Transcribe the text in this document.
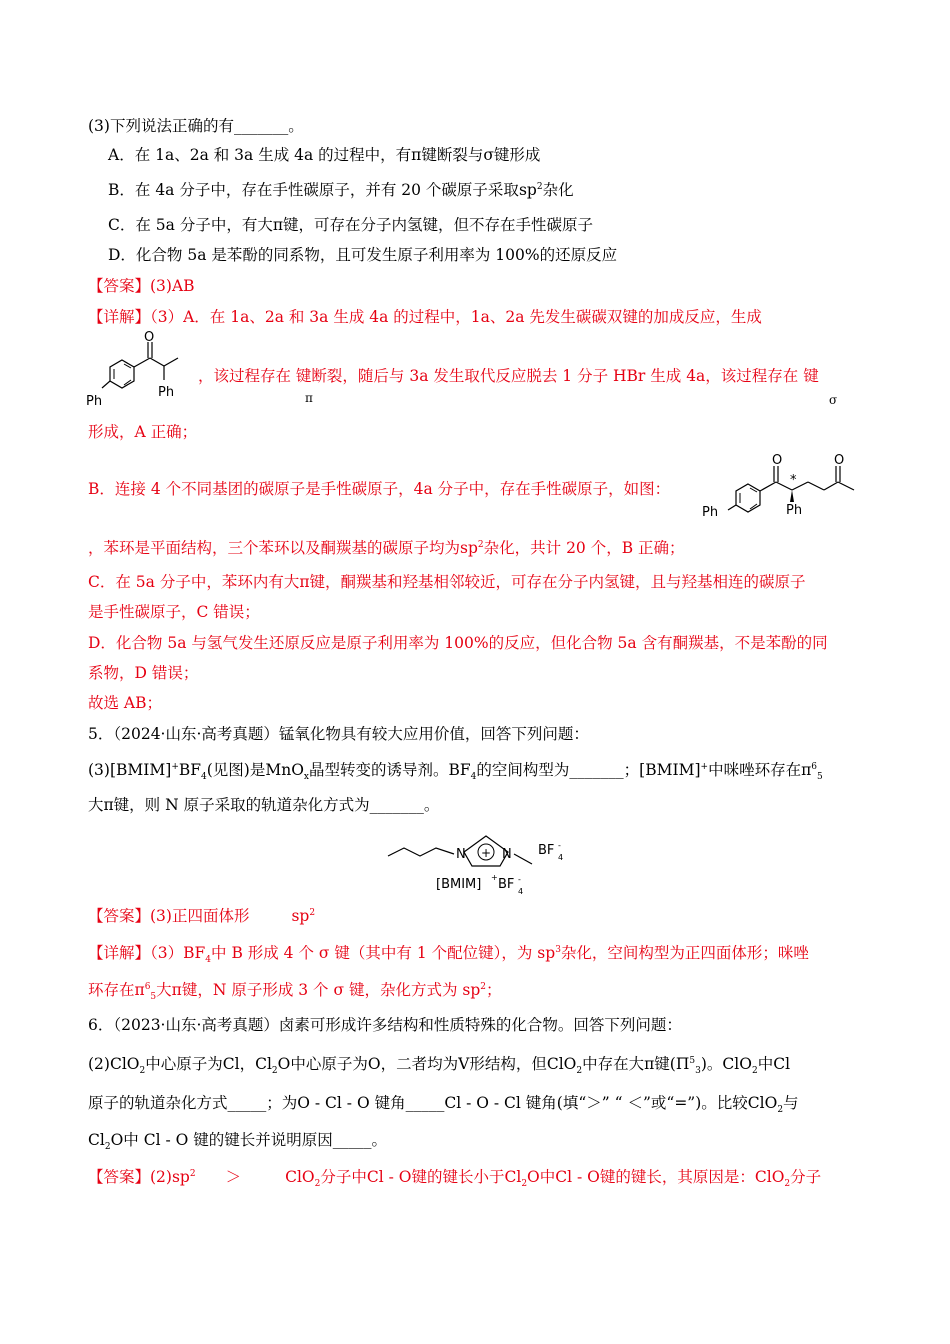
(3)下列说法正确的有_______。
A．在 1a、2a 和 3a 生成 4a 的过程中，有π键断裂与σ键形成
B．在 4a 分子中，存在手性碳原子，并有 20 个碳原子采取$sp^2$杂化
C．在 5a 分子中，有大π键，可存在分子内氢键，但不存在手性碳原子
D．化合物 5a 是苯酚的同系物，且可发生原子利用率为 100%的还原反应
【答案】(3)AB
【详解】（3）A．在 1a、2a 和 3a 生成 4a 的过程中，1a、2a 先发生碳碳双键的加成反应，生成
O
Ph
Ph
，该过程存在 键断裂，随后与 3a 发生取代反应脱去 1 分子 HBr 生成 4a，该过程存在 键
π	σ
形成，A 正确；
B．连接 4 个不同基团的碳原子是手性碳原子，4a 分子中，存在手性碳原子，如图：
O
*
O
Ph	Ph
，苯环是平面结构，三个苯环以及酮羰基的碳原子均为$sp^2$杂化，共计 20 个，B 正确；
C．在 5a 分子中，苯环内有大π键，酮羰基和羟基相邻较近，可存在分子内氢键，且与羟基相连的碳原子
是手性碳原子，C 错误；
D．化合物 5a 与氢气发生还原反应是原子利用率为 100%的反应，但化合物 5a 含有酮羰基，不是苯酚的同
系物，D 错误；
故选 AB；
5．（2024·山东·高考真题）锰氧化物具有较大应用价值，回答下列问题：
$(3)[BMIM]^+BF_4$(见图)是MnO$_x$晶型转变的诱导剂。$BF_4$的空间构型为_______；[BMIM]+中咪唑环存在$\pi^6_5$
大π键，则 N 原子采取的轨道杂化方式为_______。
+
N	N BF 4
-
[BMIM] + BF 4
-
【答案】(3)正四面体形	$sp^2$
【详解】$(3)BF_4$中 B 形成 4 个 σ 键（其中有 1 个配位键），为 $sp^3$杂化，空间构型为正四面体形；咪唑
环存在$\pi^6_5$大π键，N 原子形成 3 个 σ 键，杂化方式为 $sp^2$；
6．（2023·山东·高考真题）卤素可形成许多结构和性质特殊的化合物。回答下列问题：
(2)ClO$_2$中心原子为Cl，$Cl_2O$中心原子为O，二者均为V形结构，但ClO$_2$中存在大π键$(\Pi^5_3)$。ClO$_2$中Cl
原子的轨道杂化方式_____；为O - Cl - O 键角_____Cl - O - Cl 键角(填“＞” “ ＜”或“=”)。比较ClO$_2$与
$Cl_2O$中 Cl - O 键的键长并说明原因_____。
【答案】$(2)sp^2$ ＞	ClO$_2$分子中Cl - O键的键长小于$Cl_2O$中Cl - O键的键长，其原因是：ClO$_2$分子
